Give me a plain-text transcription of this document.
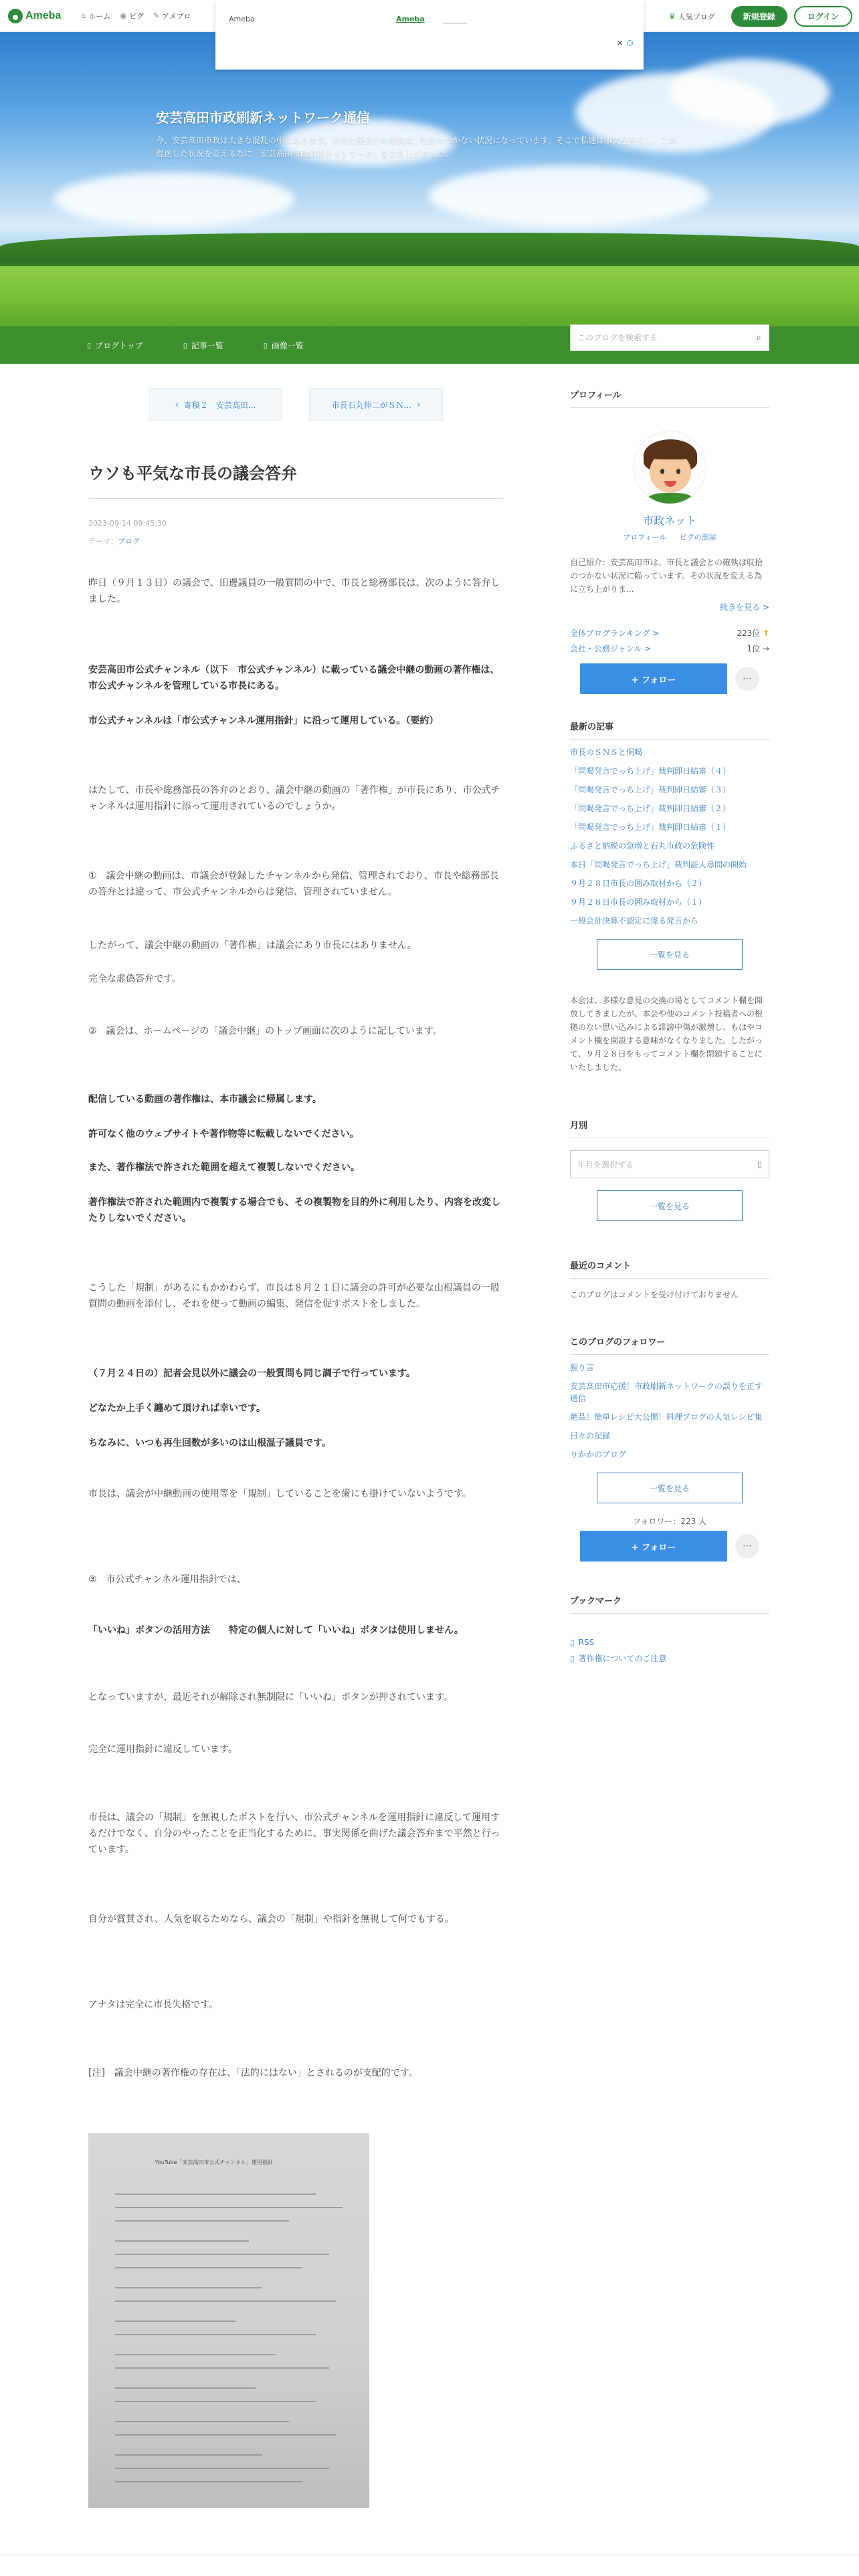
Ameba	⌂ ホーム ◉ ピグ ✎ アメブロ	♛ 人気ブログ	新規登録	ログイン
Ameba	Ameba
✕
安芸高田市政刷新ネットワーク通信
今、安芸高田市政は大きな混乱の中にあります。市長と議会との確執は、収拾のつかない状況になっています。そこで私達は事実を共有し、この混迷した状況を変える為に「安芸高田市政刷新ネットワーク」を立ち上げました。
▯ ブログトップ	▯ 記事一覧	▯ 画像一覧
このブログを検索する
⌕
‹ 寄稿２　安芸高田...	市長石丸伸二がＳＮ... ›
ウソも平気な市長の議会答弁
2023-09-14 09:45:30
テーマ：ブログ

昨日（９月１３日）の議会で、田邊議員の一般質問の中で、市長と総務部長は、次のように答弁しました。

安芸高田市公式チャンネル（以下　市公式チャンネル）に載っている議会中継の動画の著作権は、市公式チャンネルを管理している市長にある。

市公式チャンネルは「市公式チャンネル運用指針」に沿って運用している。（要約）

はたして、市長や総務部長の答弁のとおり、議会中継の動画の「著作権」が市長にあり、市公式チャンネルは運用指針に添って運用されているのでしょうか。

①　議会中継の動画は、市議会が登録したチャンネルから発信、管理されており、市長や総務部長の答弁とは違って、市公式チャンネルからは発信、管理されていません。

したがって、議会中継の動画の「著作権」は議会にあり市長にはありません。

完全な虚偽答弁です。

②　議会は、ホームページの「議会中継」のトップ画面に次のように記しています。

配信している動画の著作権は、本市議会に帰属します。

許可なく他のウェブサイトや著作物等に転載しないでください。

また、著作権法で許された範囲を超えて複製しないでください。

著作権法で許された範囲内で複製する場合でも、その複製物を目的外に利用したり、内容を改変したりしないでください。

こうした「規制」があるにもかかわらず、市長は８月２１日に議会の許可が必要な山根議員の一般質問の動画を添付し、それを使って動画の編集、発信を促すポストをしました。

（７月２４日の）記者会見以外に議会の一般質問も同じ調子で行っています。

どなたか上手く纏めて頂ければ幸いです。

ちなみに、いつも再生回数が多いのは山根温子議員です。

市長は、議会が中継動画の使用等を「規制」していることを歯にも掛けていないようです。

③　市公式チャンネル運用指針では、

「いいね」ボタンの活用方法　　特定の個人に対して「いいね」ボタンは使用しません。

となっていますが、最近それが解除され無制限に「いいね」ボタンが押されています。

完全に運用指針に違反しています。

市長は、議会の「規制」を無視したポストを行い、市公式チャンネルを運用指針に違反して運用するだけでなく、自分のやったことを正当化するために、事実関係を曲げた議会答弁まで平然と行っています。

自分が賞賛され、人気を取るためなら、議会の「規制」や指針を無視して何でもする。

アナタは完全に市長失格です。

[注]　議会中継の著作権の存在は、「法的にはない」とされるのが支配的です。

YouTube「安芸高田市公式チャンネル」運用指針
プロフィール
市政ネット
プロフィール ピグの部屋
自己紹介：安芸高田市は、市長と議会との確執は収拾のつかない状況に陥っています。その状況を変える為に立ち上がりま...
続きを見る >
全体ブログランキング >	223位 ↑
会社・公務ジャンル >	1位 →
+ フォロー	⋯
最新の記事
市長のＳＮＳと恫喝
「問喝発言でっち上げ」裁判即日結審（４）
「問喝発言でっち上げ」裁判即日結審（３）
「問喝発言でっち上げ」裁判即日結審（２）
「問喝発言でっち上げ」裁判即日結審（１）
ふるさと納税の急増と石丸市政の危険性
本日「問喝発言でっち上げ」裁判証人尋問の開始
９月２８日市長の囲み取材から（２）
９月２８日市長の囲み取材から（１）
一般会計決算不認定に係る発言から
一覧を見る
本会は、多様な意見の交換の場としてコメント欄を開放してきましたが、本会や他のコメント投稿者への根拠のない思い込みによる誹謗中傷が激増し、もはやコメント欄を開設する意味がなくなりました。したがって、９月２８日をもってコメント欄を閉鎖することにいたしました。
月別
年月を選択する	▯
一覧を見る
最近のコメント
このブログはコメントを受け付けておりません
このブログのフォロワー
狸り言
安芸高田市応援！市政刷新ネットワークの誤りを正す通信
絶品！簡単レシピ大公開！料理ブログの人気レシピ集
日々の記録
りかかのブログ
一覧を見る
フォロワー：223 人
+ フォロー	⋯
ブックマーク
▯ RSS
▯ 著作権についてのご注意
